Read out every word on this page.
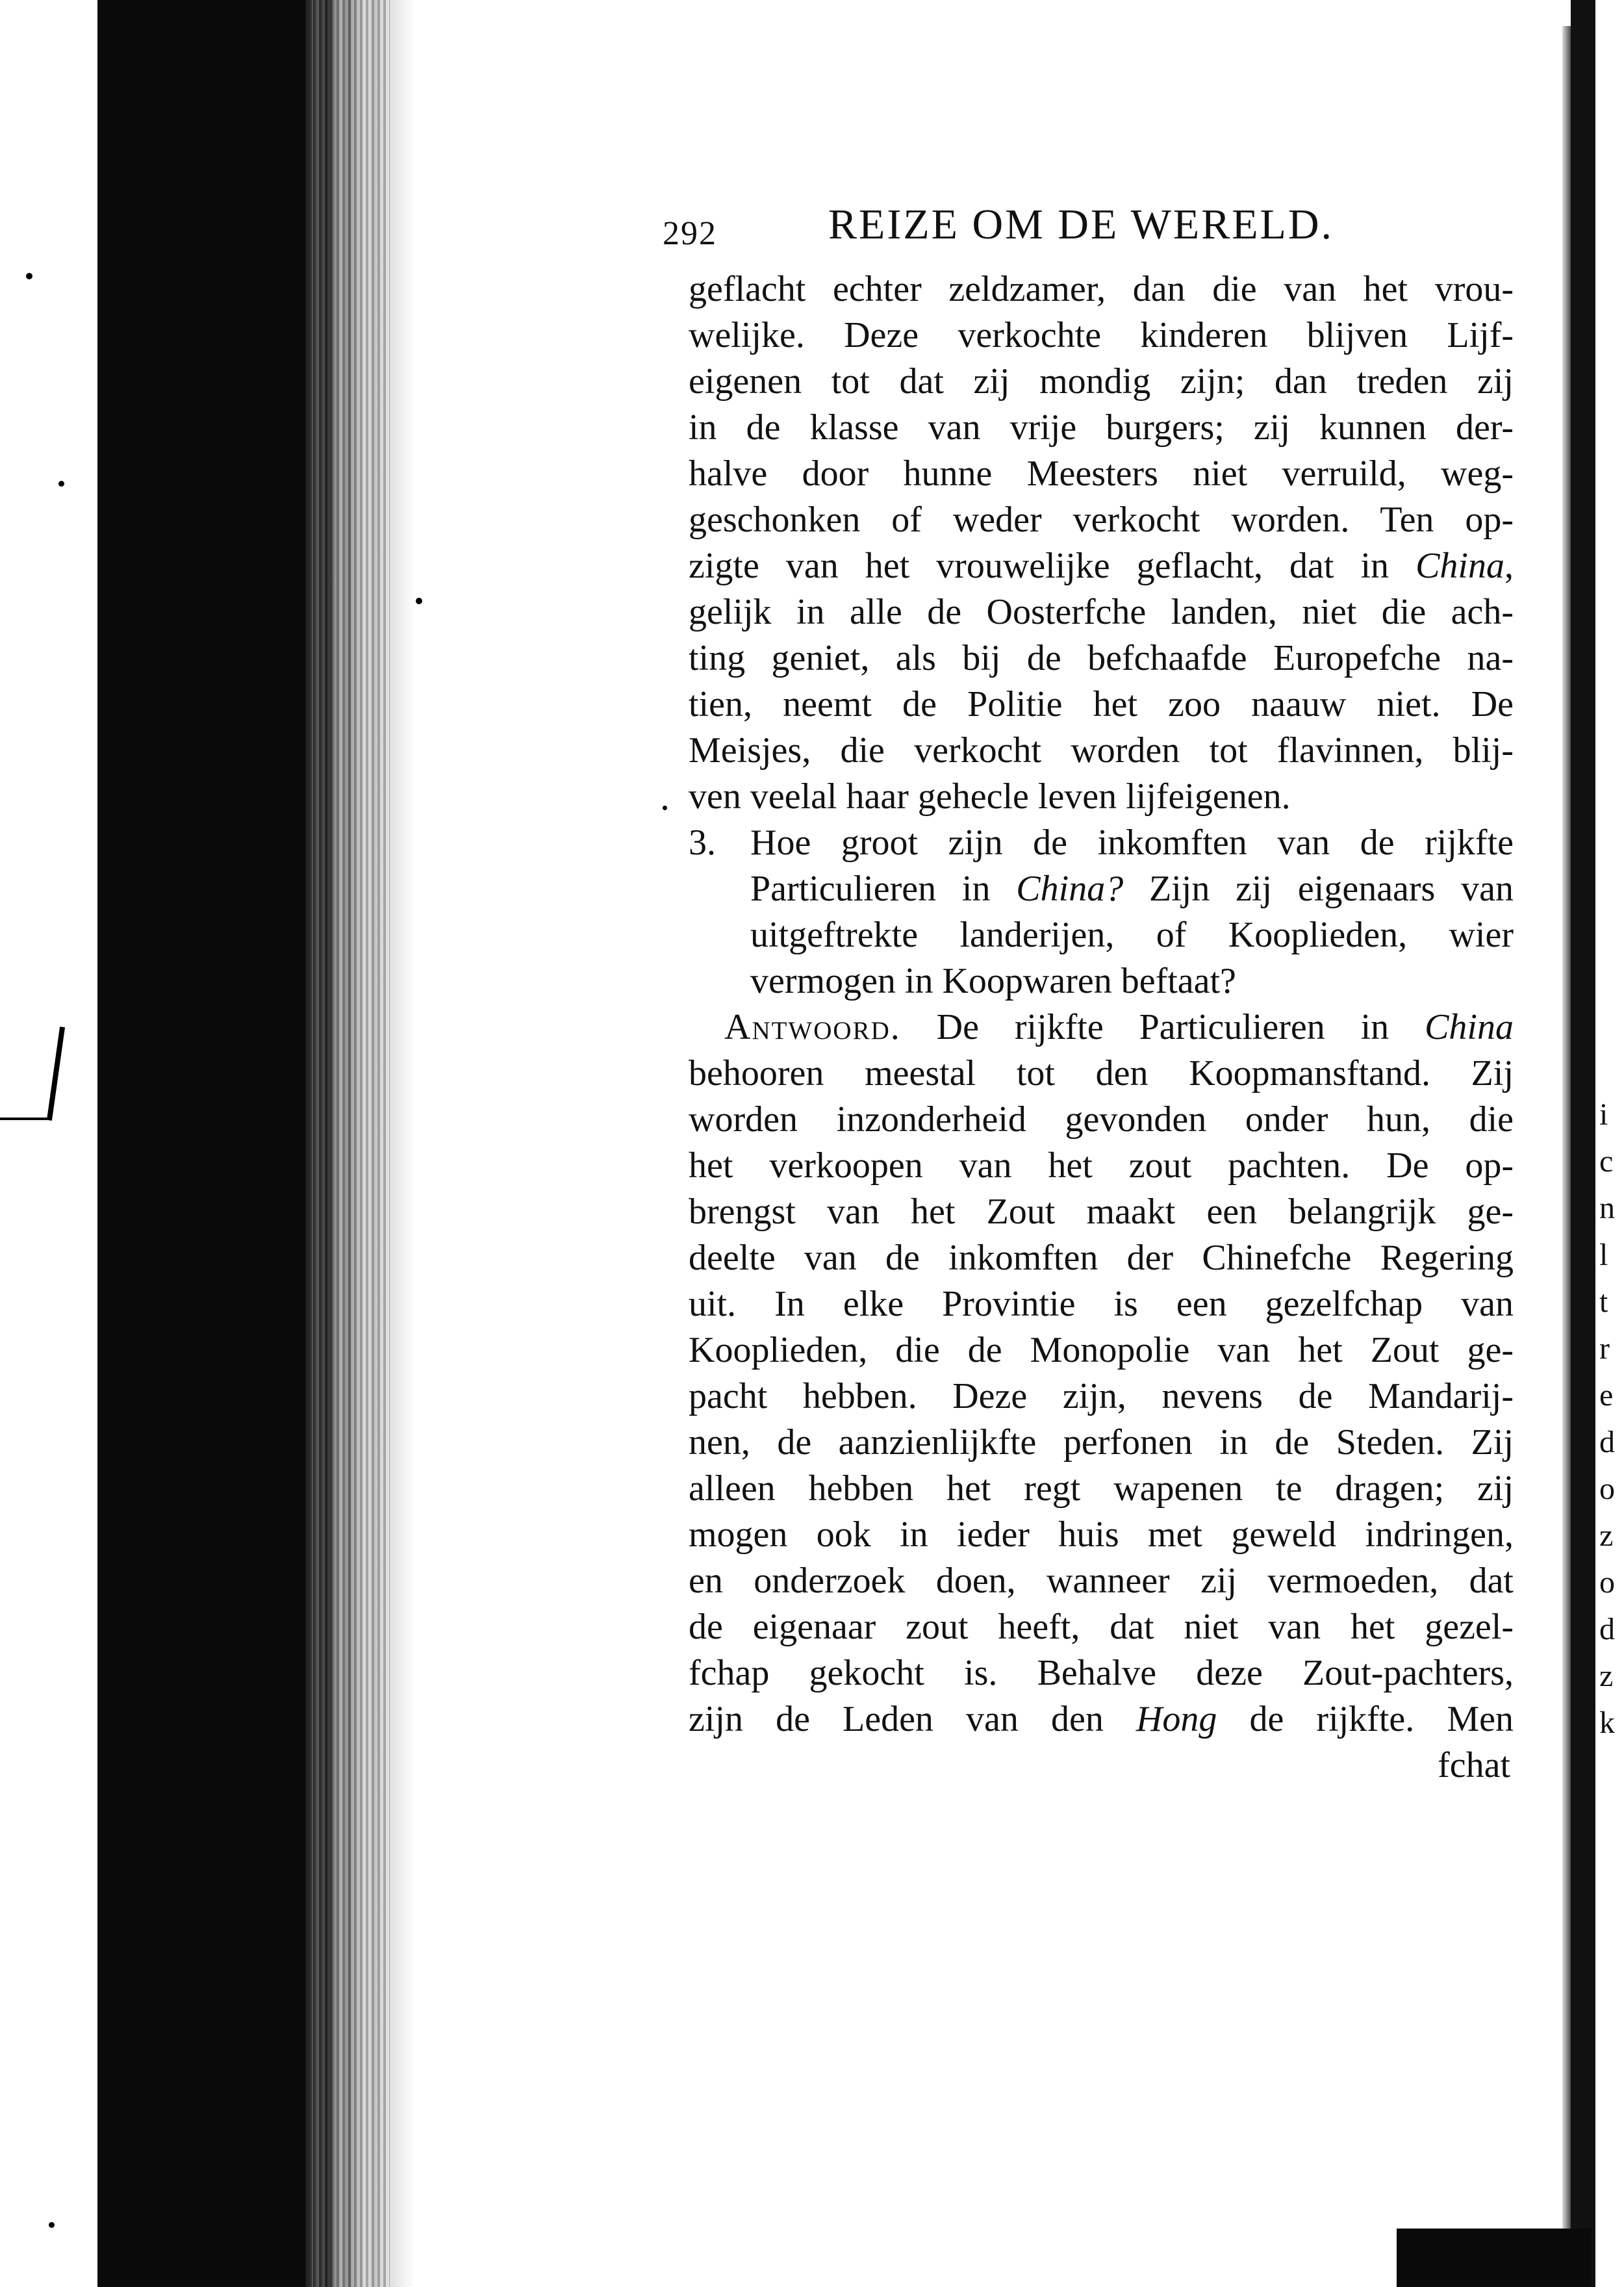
292	REIZE OM DE WERELD.
geflacht echter zeldzamer, dan die van het vrou-
welijke. Deze verkochte kinderen blijven Lijf-
eigenen tot dat zij mondig zijn; dan treden zij
in de klasse van vrije burgers; zij kunnen der-
halve door hunne Meesters niet verruild, weg-
geschonken of weder verkocht worden. Ten op-
zigte van het vrouwelijke geflacht, dat in China,
gelijk in alle de Oosterfche landen, niet die ach-
ting geniet, als bij de befchaafde Europefche na-
tien, neemt de Politie het zoo naauw niet. De
Meisjes, die verkocht worden tot flavinnen, blij-
ven veelal haar gehecle leven lijfeigenen.
3. Hoe groot zijn de inkomften van de rijkfte
Particulieren in China? Zijn zij eigenaars van
uitgeftrekte landerijen, of Kooplieden, wier
vermogen in Koopwaren beftaat?
Antwoord. De rijkfte Particulieren in China
behooren meestal tot den Koopmansftand. Zij
worden inzonderheid gevonden onder hun, die
het verkoopen van het zout pachten. De op-
brengst van het Zout maakt een belangrijk ge-
deelte van de inkomften der Chinefche Regering
uit. In elke Provintie is een gezelfchap van
Kooplieden, die de Monopolie van het Zout ge-
pacht hebben. Deze zijn, nevens de Mandarij-
nen, de aanzienlijkfte perfonen in de Steden. Zij
alleen hebben het regt wapenen te dragen; zij
mogen ook in ieder huis met geweld indringen,
en onderzoek doen, wanneer zij vermoeden, dat
de eigenaar zout heeft, dat niet van het gezel-
fchap gekocht is. Behalve deze Zout-pachters,
zijn de Leden van den Hong de rijkfte. Men
fchat
i
c
n
l
t
r
e
d
o
z
o
d
z
k
